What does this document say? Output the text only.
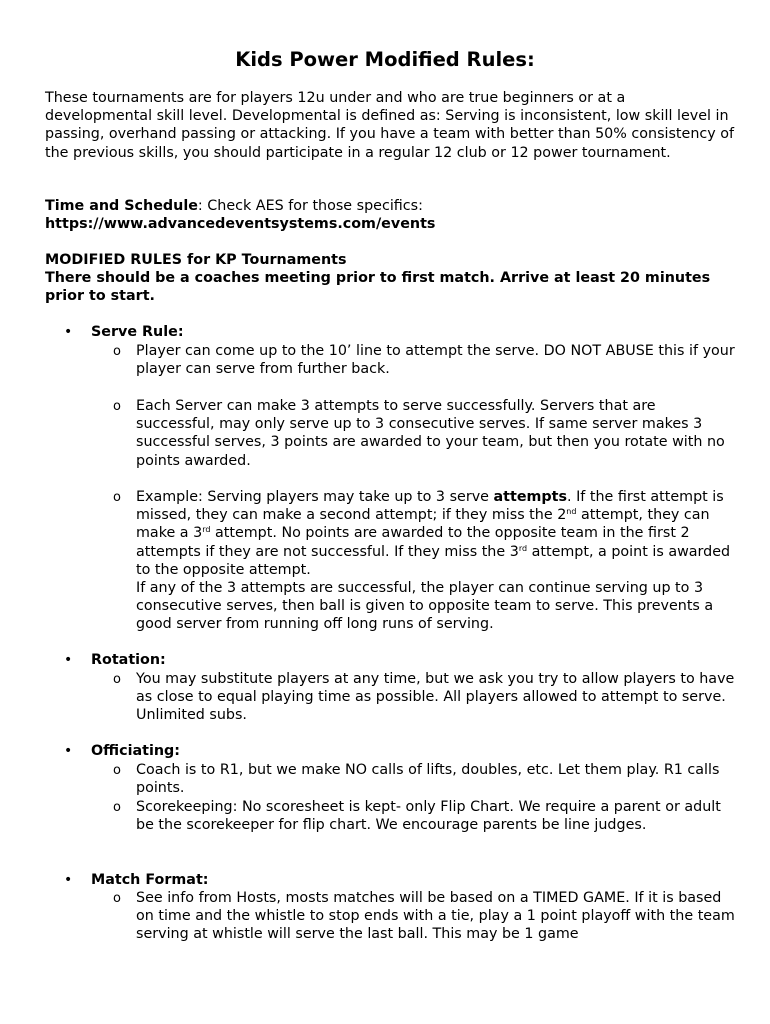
Kids Power Modified Rules:

These tournaments are for players 12u under and who are true beginners or at a developmental skill level. Developmental is defined as: Serving is inconsistent, low skill level in passing, overhand passing or attacking. If you have a team with better than 50% consistency of the previous skills, you should participate in a regular 12 club or 12 power tournament.

Time and Schedule: Check AES for those specifics:

https://www.advancedeventsystems.com/events

MODIFIED RULES for KP Tournaments

There should be a coaches meeting prior to first match. Arrive at least 20 minutes prior to start.

•	Serve Rule:
o Player can come up to the 10’ line to attempt the serve. DO NOT ABUSE this if your player can serve from further back.

o Each Server can make 3 attempts to serve successfully. Servers that are successful, may only serve up to 3 consecutive serves. If same server makes 3 successful serves, 3 points are awarded to your team, but then you rotate with no points awarded.

o Example: Serving players may take up to 3 serve attempts. If the first attempt is missed, they can make a second attempt; if they miss the 2nd attempt, they can make a 3rd attempt. No points are awarded to the opposite team in the first 2 attempts if they are not successful. If they miss the 3rd attempt, a point is awarded to the opposite attempt.

If any of the 3 attempts are successful, the player can continue serving up to 3 consecutive serves, then ball is given to opposite team to serve. This prevents a good server from running off long runs of serving.

•	Rotation:
o You may substitute players at any time, but we ask you try to allow players to have as close to equal playing time as possible. All players allowed to attempt to serve. Unlimited subs.

•	Officiating:
o Coach is to R1, but we make NO calls of lifts, doubles, etc. Let them play. R1 calls points.

o Scorekeeping: No scoresheet is kept- only Flip Chart. We require a parent or adult be the scorekeeper for flip chart. We encourage parents be line judges.

•	Match Format:
o See info from Hosts, mosts matches will be based on a TIMED GAME. If it is based on time and the whistle to stop ends with a tie, play a 1 point playoff with the team serving at whistle will serve the last ball. This may be 1 game
